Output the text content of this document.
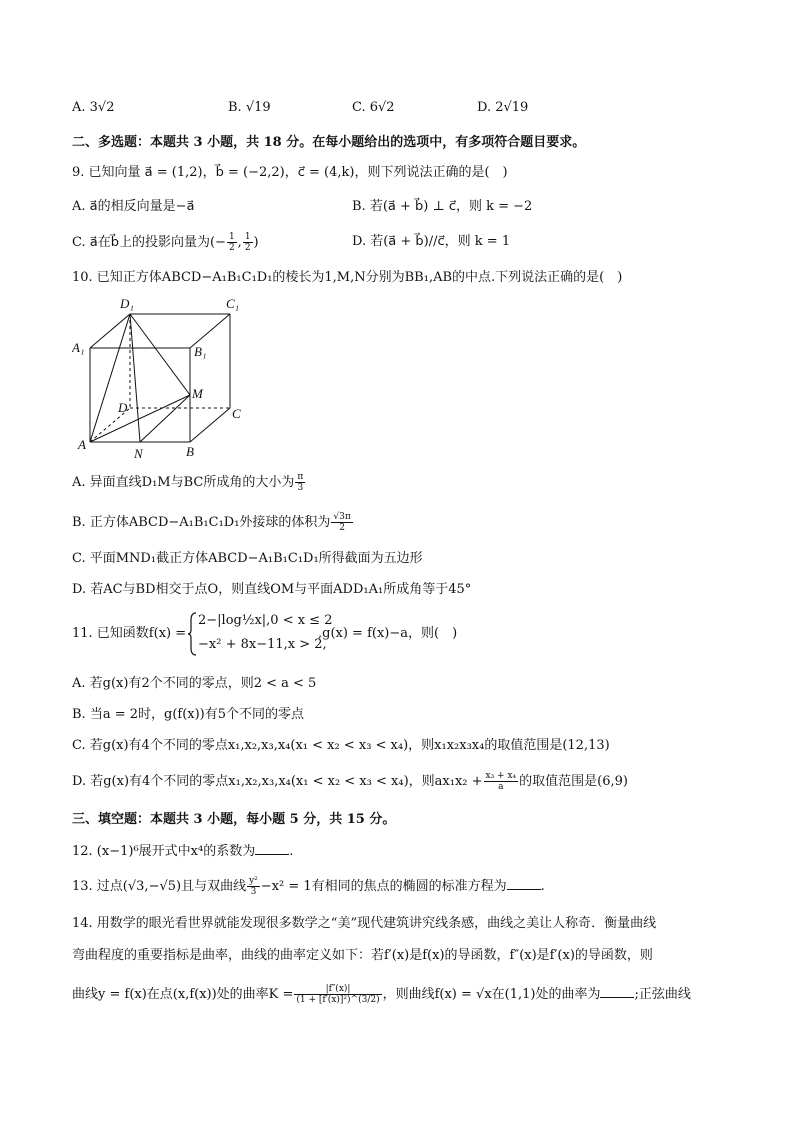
A. 3√2	B. √19	C. 6√2	D. 2√19
二、多选题：本题共 3 小题，共 18 分。在每小题给出的选项中，有多项符合题目要求。
9. 已知向量 a⃗ = (1,2)，b⃗ = (−2,2)，c⃗ = (4,k)，则下列说法正确的是(　)
A. a⃗的相反向量是−a⃗	B. 若(a⃗ + b⃗) ⊥ c⃗，则 k = −2
C. a⃗在b⃗上的投影向量为(− $\frac{1}{2}$ , $\frac{1}{2}$ )	D. 若(a⃗ + b⃗)//c⃗，则 k = 1
10. 已知正方体ABCD−A₁B₁C₁D₁的棱长为1,M,N分别为BB₁,AB的中点.下列说法正确的是(　)
D₁	C₁
A₁	B₁
M
D	C
A
N	B
A. 异面直线D₁M与BC所成角的大小为 $\frac{\pi}{3}$
B. 正方体ABCD−A₁B₁C₁D₁外接球的体积为 $\frac{√3\pi}{2}$
C. 平面MND₁截正方体ABCD−A₁B₁C₁D₁所得截面为五边形
D. 若AC与BD相交于点O，则直线OM与平面ADD₁A₁所成角等于45°
11. 已知函数f(x) =
2−|log½x|,0 < x ≤ 2
−x² + 8x−11,x > 2,
,g(x) = f(x)−a，则(　)
A. 若g(x)有2个不同的零点，则2 < a < 5
B. 当a = 2时，g(f(x))有5个不同的零点
C. 若g(x)有4个不同的零点x₁,x₂,x₃,x₄(x₁ < x₂ < x₃ < x₄)，则x₁x₂x₃x₄的取值范围是(12,13)
D. 若g(x)有4个不同的零点x₁,x₂,x₃,x₄(x₁ < x₂ < x₃ < x₄)，则$ax_1x_2 + \frac{\text{x₃ + x₄}}{a}$ 的取值范围是(6,9)
三、填空题：本题共 3 小题，每小题 5 分，共 15 分。
12. (x−1)⁶展开式中x⁴的系数为	.
13. 过点(√3,−√5)且与双曲线 $\frac{\text{y²}}{3} -x^2 = 1$有相同的焦点的椭圆的标准方程为	.
14. 用数学的眼光看世界就能发现很多数学之“美”现代建筑讲究线条感，曲线之美让人称奇．衡量曲线
弯曲程度的重要指标是曲率，曲线的曲率定义如下：若f′(x)是f(x)的导函数，f″(x)是f′(x)的导函数，则
曲线y = f(x)在点(x,f(x))处的曲率$K = \frac{|f''(x)|}{\text{(1 + [f′(x)]²)\textasciicircum{}(3/2)}}$ ，则曲线f(x) = √x在(1,1)处的曲率为	;正弦曲线
